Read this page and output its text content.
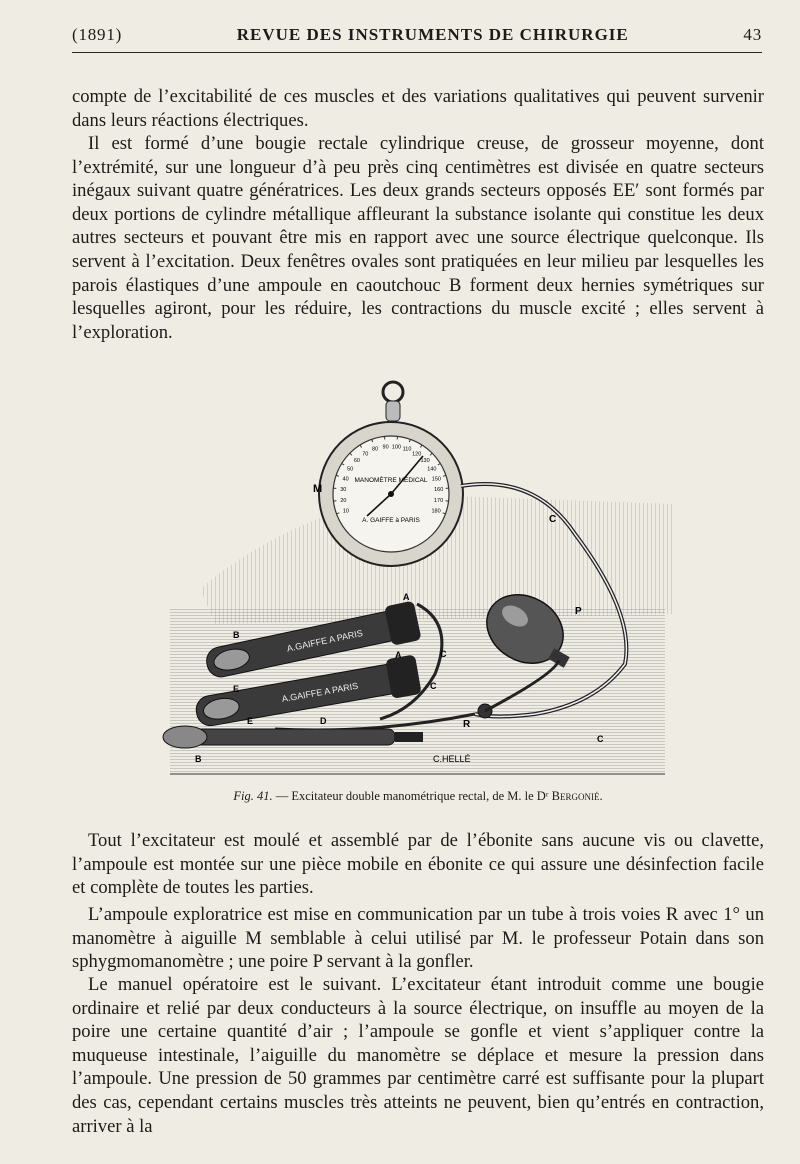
(1891)	REVUE DES INSTRUMENTS DE CHIRURGIE	43

compte de l’excitabilité de ces muscles et des variations qualitatives qui peuvent survenir dans leurs réactions électriques.

Il est formé d’une bougie rectale cylindrique creuse, de grosseur moyenne, dont l’extrémité, sur une longueur d’à peu près cinq centimètres est divisée en quatre secteurs inégaux suivant quatre génératrices. Les deux grands secteurs opposés EE′ sont formés par deux portions de cylindre métallique affleurant la substance isolante qui constitue les deux autres secteurs et pouvant être mis en rapport avec une source électrique quelconque. Ils servent à l’excitation. Deux fenêtres ovales sont pratiquées en leur milieu par lesquelles les parois élastiques d’une ampoule en caoutchouc B forment deux hernies symétriques sur lesquelles agiront, pour les réduire, les contractions du muscle excité ; elles servent à l’exploration.

10
20
30
40
50
60
70
80 90 100 110
120
130
140
150
160
170
180
MANOMÈTRE MÉDICAL
A. GAIFFE à PARIS
M
C
P
R
C
C
C
A.GAIFFE A PARIS
A.GAIFFE A PARIS
B
A
A
E
E	D
B	C.HELLÉ
Fig. 41. — Excitateur double manométrique rectal, de M. le Dʳ Bergonié.

Tout l’excitateur est moulé et assemblé par de l’ébonite sans aucune vis ou clavette, l’ampoule est montée sur une pièce mobile en ébonite ce qui assure une désinfection facile et complète de toutes les parties.

L’ampoule exploratrice est mise en communication par un tube à trois voies R avec 1° un manomètre à aiguille M semblable à celui utilisé par M. le professeur Potain dans son sphygmomanomètre ; une poire P servant à la gonfler.

Le manuel opératoire est le suivant. L’excitateur étant introduit comme une bougie ordinaire et relié par deux conducteurs à la source électrique, on insuffle au moyen de la poire une certaine quantité d’air ; l’ampoule se gonfle et vient s’appliquer contre la muqueuse intestinale, l’aiguille du manomètre se déplace et mesure la pression dans l’ampoule. Une pression de 50 grammes par centimètre carré est suffisante pour la plupart des cas, cependant certains muscles très atteints ne peuvent, bien qu’entrés en contraction, arriver à la
